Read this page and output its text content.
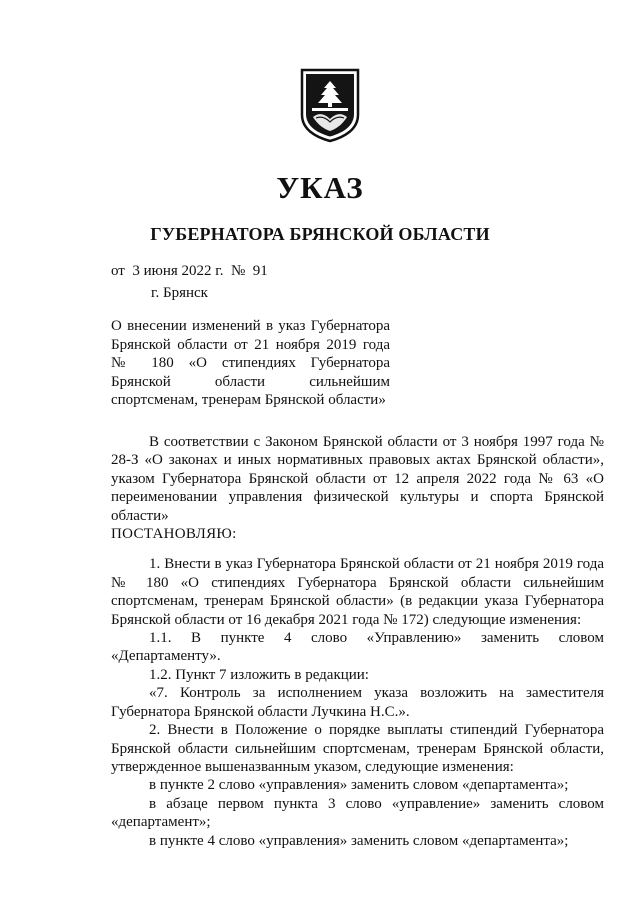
УКАЗ
ГУБЕРНАТОРА БРЯНСКОЙ ОБЛАСТИ
от  3 июня 2022 г.  №  91
г. Брянск

О внесении изменений в указ Губернатора Брянской области от 21 ноября 2019 года № 180 «О стипендиях Губернатора Брянской области сильнейшим спортсменам, тренерам Брянской области»

В соответствии с Законом Брянской области от 3 ноября 1997 года № 28-З «О законах и иных нормативных правовых актах Брянской области», указом Губернатора Брянской области от 12 апреля 2022 года № 63 «О переименовании управления физической культуры и спорта Брянской области»

ПОСТАНОВЛЯЮ:

1. Внести в указ Губернатора Брянской области от 21 ноября 2019 года № 180 «О стипендиях Губернатора Брянской области сильнейшим спортсменам, тренерам Брянской области» (в редакции указа Губернатора Брянской области от 16 декабря 2021 года № 172) следующие изменения:

1.1. В пункте 4 слово «Управлению» заменить словом «Департаменту».

1.2. Пункт 7 изложить в редакции:

«7. Контроль за исполнением указа возложить на заместителя Губернатора Брянской области Лучкина Н.С.».

2. Внести в Положение о порядке выплаты стипендий Губернатора Брянской области сильнейшим спортсменам, тренерам Брянской области, утвержденное вышеназванным указом, следующие изменения:

в пункте 2 слово «управления» заменить словом «департамента»;

в абзаце первом пункта 3 слово «управление» заменить словом «департамент»;

в пункте 4 слово «управления» заменить словом «департамента»;
